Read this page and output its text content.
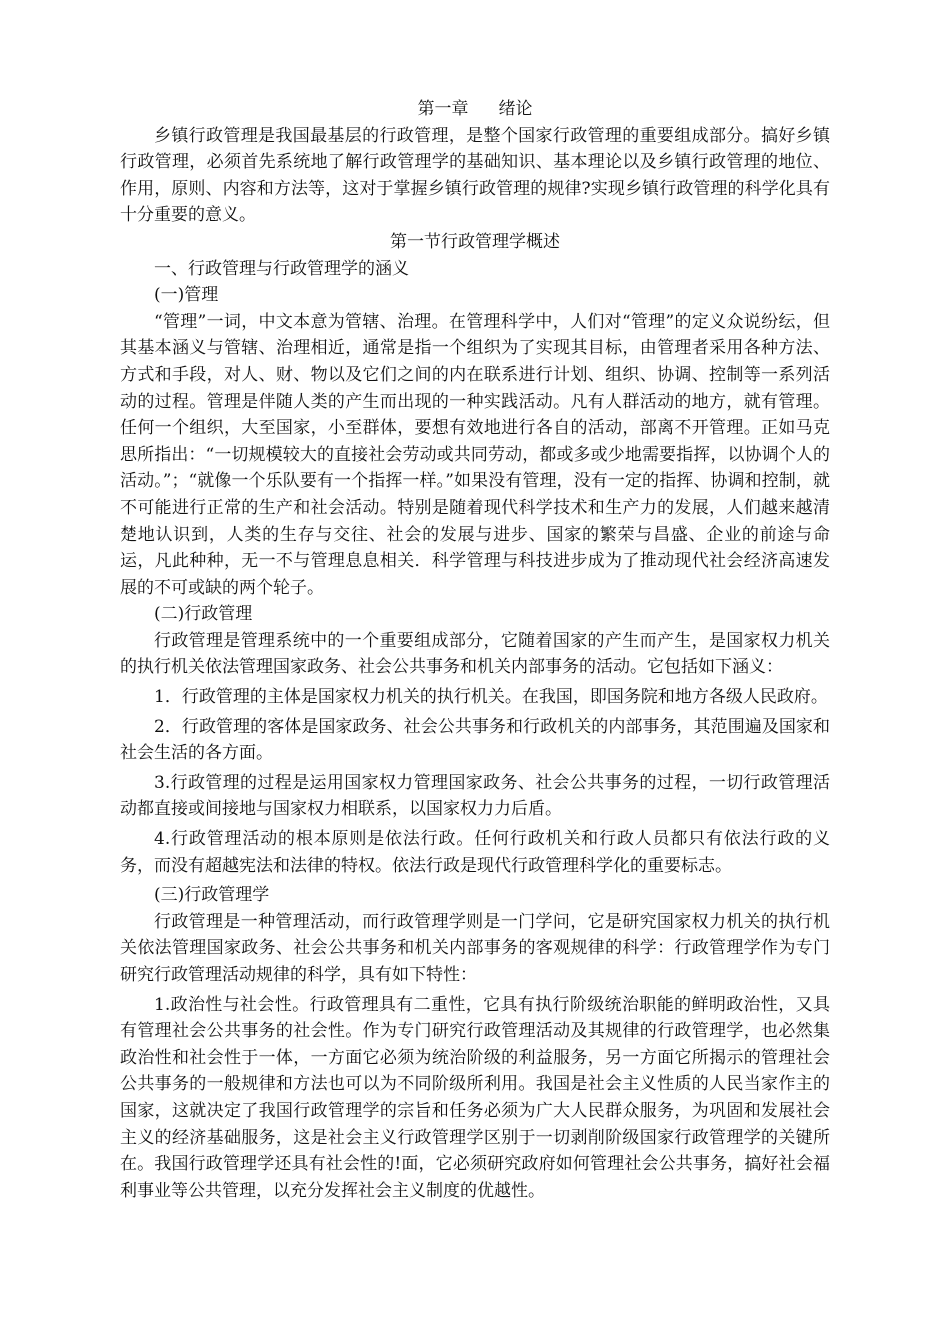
第一章 绪论

乡镇行政管理是我国最基层的行政管理，是整个国家行政管理的重要组成部分。搞好乡镇行政管理，必须首先系统地了解行政管理学的基础知识、基本理论以及乡镇行政管理的地位、作用，原则、内容和方法等，这对于掌握乡镇行政管理的规律?实现乡镇行政管理的科学化具有十分重要的意义。

第一节行政管理学概述

一、行政管理与行政管理学的涵义

(一)管理

“管理”一词，中文本意为管辖、治理。在管理科学中，人们对“管理”的定义众说纷纭，但其基本涵义与管辖、治理相近，通常是指一个组织为了实现其目标，由管理者采用各种方法、方式和手段，对人、财、物以及它们之间的内在联系进行计划、组织、协调、控制等一系列活动的过程。管理是伴随人类的产生而出现的一种实践活动。凡有人群活动的地方，就有管理。任何一个组织，大至国家，小至群体，要想有效地进行各自的活动，部离不开管理。正如马克思所指出：“一切规模较大的直接社会劳动或共同劳动，都或多或少地需要指挥，以协调个人的活动。”；“就像一个乐队要有一个指挥一样。”如果没有管理，没有一定的指挥、协调和控制，就不可能进行正常的生产和社会活动。特别是随着现代科学技术和生产力的发展，人们越来越清楚地认识到，人类的生存与交往、社会的发展与进步、国家的繁荣与昌盛、企业的前途与命运，凡此种种，无一不与管理息息相关．科学管理与科技进步成为了推动现代社会经济高速发展的不可或缺的两个轮子。

(二)行政管理

行政管理是管理系统中的一个重要组成部分，它随着国家的产生而产生，是国家权力机关的执行机关依法管理国家政务、社会公共事务和机关内部事务的活动。它包括如下涵义：

1．行政管理的主体是国家权力机关的执行机关。在我国，即国务院和地方各级人民政府。

2．行政管理的客体是国家政务、社会公共事务和行政机关的内部事务，其范围遍及国家和社会生活的各方面。

3.行政管理的过程是运用国家权力管理国家政务、社会公共事务的过程，一切行政管理活动都直接或间接地与国家权力相联系，以国家权力力后盾。

4.行政管理活动的根本原则是依法行政。任何行政机关和行政人员都只有依法行政的义务，而没有超越宪法和法律的特权。依法行政是现代行政管理科学化的重要标志。

(三)行政管理学

行政管理是一种管理活动，而行政管理学则是一门学问，它是研究国家权力机关的执行机关依法管理国家政务、社会公共事务和机关内部事务的客观规律的科学：行政管理学作为专门研究行政管理活动规律的科学，具有如下特性：

1.政治性与社会性。行政管理具有二重性，它具有执行阶级统治职能的鲜明政治性，又具有管理社会公共事务的社会性。作为专门研究行政管理活动及其规律的行政管理学，也必然集政治性和社会性于一体，一方面它必须为统治阶级的利益服务，另一方面它所揭示的管理社会公共事务的一般规律和方法也可以为不同阶级所利用。我国是社会主义性质的人民当家作主的国家，这就决定了我国行政管理学的宗旨和任务必须为广大人民群众服务，为巩固和发展社会主义的经济基础服务，这是社会主义行政管理学区别于一切剥削阶级国家行政管理学的关键所在。我国行政管理学还具有社会性的!面，它必须研究政府如何管理社会公共事务，搞好社会福利事业等公共管理，以充分发挥社会主义制度的优越性。
